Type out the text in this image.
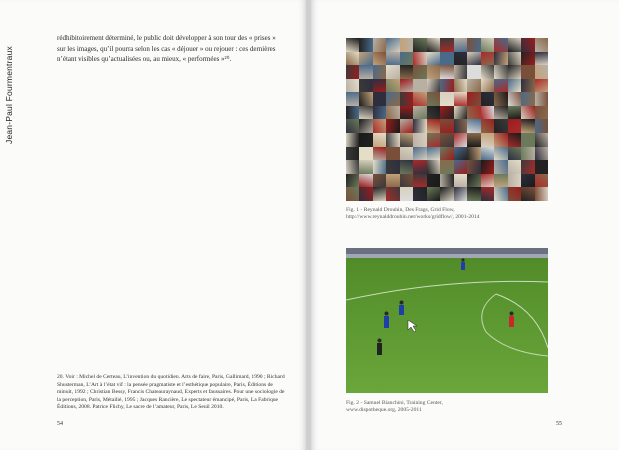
Jean-Paul Fourmentraux

rédhibitoirement déterminé, le public doit développer à son tour des « prises » sur les images, qu’il pourra selon les cas « déjouer » ou rejouer : ces dernières n’étant visibles qu’actualisées ou, au mieux, « performées »²⁰.

20. Voir : Michel de Certeau, L’invention du quotidien. Arts de faire, Paris, Gallimard, 1990 ; Richard Shusterman, L’Art à l’état vif : la pensée pragmatiste et l’esthétique populaire, Paris, Éditions de minuit, 1992 ; Christian Bessy, Francis Chateauraynaud, Experts et faussaires. Pour une sociologie de la perception, Paris, Métailié, 1995 ; Jacques Rancière, Le spectateur émancipé, Paris, La Fabrique Éditions, 2008. Patrice Flichy, Le sacre de l’amateur, Paris, Le Seuil 2010.

54

Fig. 1 - Reynald Drouhin, Des Frags, Grid Flow,
http://www.reynalddrouhin.net/works/gridflow/, 2001-2014

Fig. 2 - Samuel Bianchini, Training Center,
www.dispotheque.org, 2005-2011

55
